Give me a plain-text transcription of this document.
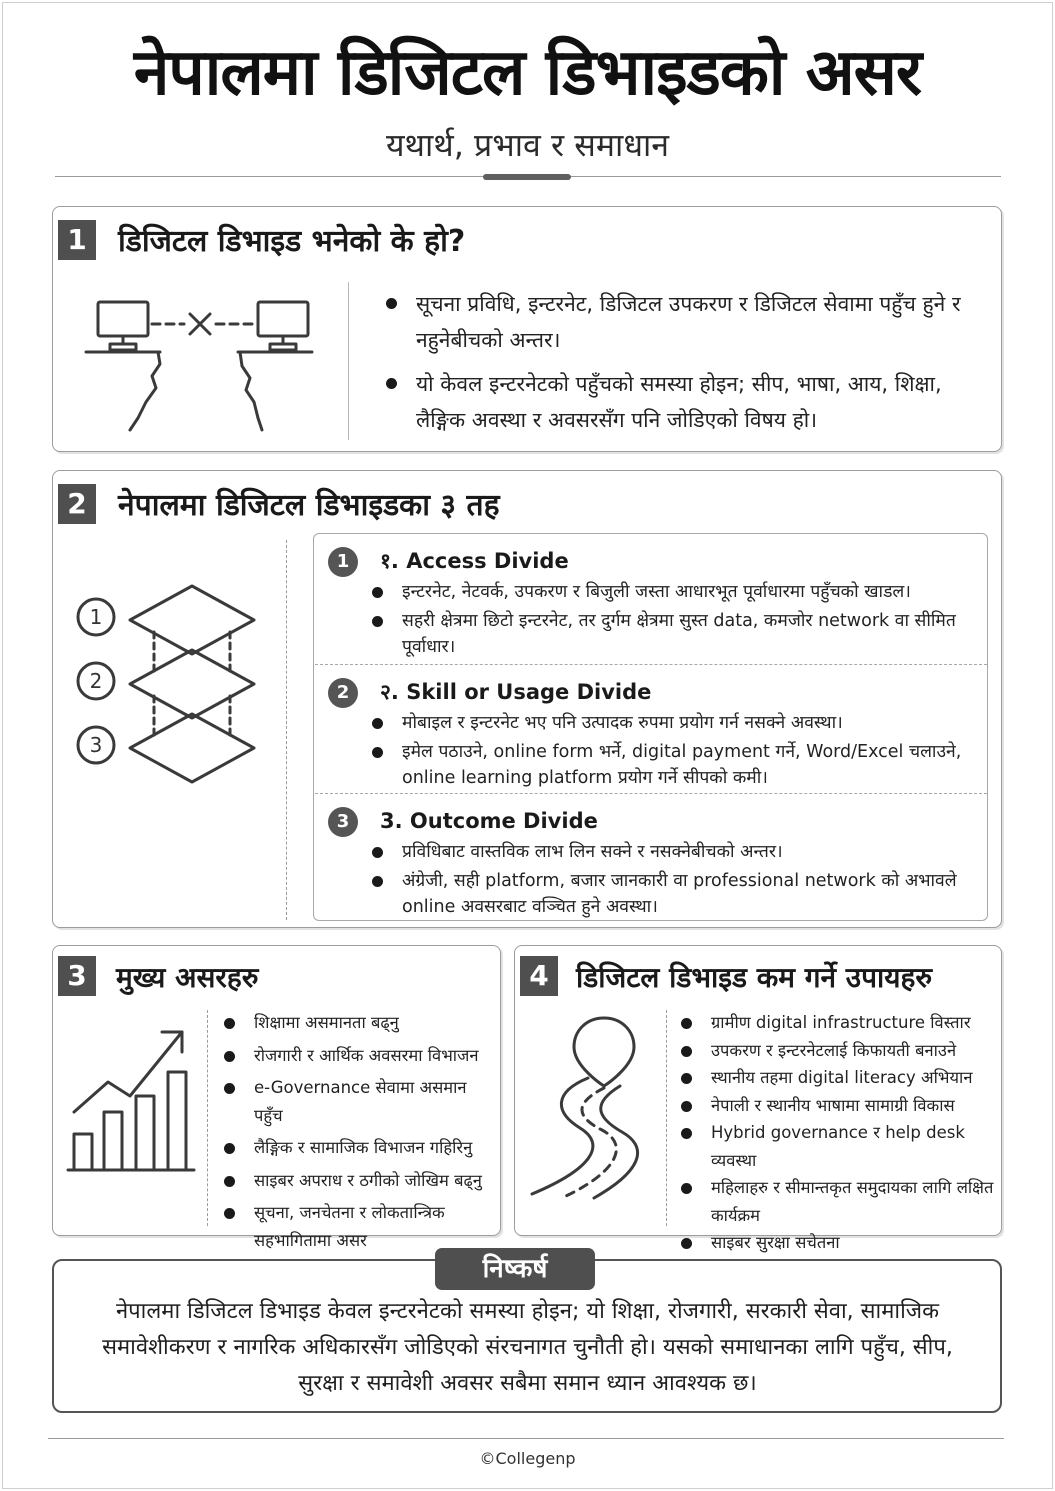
नेपालमा डिजिटल डिभाइडको असर
यथार्थ, प्रभाव र समाधान
1	डिजिटल डिभाइड भनेको के हो?
सूचना प्रविधि, इन्टरनेट, डिजिटल उपकरण र डिजिटल सेवामा पहुँच हुने र नहुनेबीचको अन्तर।
यो केवल इन्टरनेटको पहुँचको समस्या होइन; सीप, भाषा, आय, शिक्षा, लैङ्गिक अवस्था र अवसरसँग पनि जोडिएको विषय हो।
2	नेपालमा डिजिटल डिभाइडका ३ तह
1
2
3
1	१. Access Divide
इन्टरनेट, नेटवर्क, उपकरण र बिजुली जस्ता आधारभूत पूर्वाधारमा पहुँचको खाडल।
सहरी क्षेत्रमा छिटो इन्टरनेट, तर दुर्गम क्षेत्रमा सुस्त data, कमजोर network वा सीमित पूर्वाधार।
2	२. Skill or Usage Divide
मोबाइल र इन्टरनेट भए पनि उत्पादक रुपमा प्रयोग गर्न नसक्ने अवस्था।
इमेल पठाउने, online form भर्ने, digital payment गर्ने, Word/Excel चलाउने, online learning platform प्रयोग गर्ने सीपको कमी।
3	3. Outcome Divide
प्रविधिबाट वास्तविक लाभ लिन सक्ने र नसक्नेबीचको अन्तर।
अंग्रेजी, सही platform, बजार जानकारी वा professional network को अभावले online अवसरबाट वञ्चित हुने अवस्था।
3	मुख्य असरहरु
शिक्षामा असमानता बढ्नु
रोजगारी र आर्थिक अवसरमा विभाजन
e-Governance सेवामा असमान पहुँच
लैङ्गिक र सामाजिक विभाजन गहिरिनु
साइबर अपराध र ठगीको जोखिम बढ्नु
सूचना, जनचेतना र लोकतान्त्रिक सहभागितामा असर
4 डिजिटल डिभाइड कम गर्ने उपायहरु
ग्रामीण digital infrastructure विस्तार
उपकरण र इन्टरनेटलाई किफायती बनाउने
स्थानीय तहमा digital literacy अभियान
नेपाली र स्थानीय भाषामा सामाग्री विकास
Hybrid governance र help desk व्यवस्था
महिलाहरु र सीमान्तकृत समुदायका लागि लक्षित कार्यक्रम
साइबर सुरक्षा सचेतना
निष्कर्ष

नेपालमा डिजिटल डिभाइड केवल इन्टरनेटको समस्या होइन; यो शिक्षा, रोजगारी, सरकारी सेवा, सामाजिक समावेशीकरण र नागरिक अधिकारसँग जोडिएको संरचनागत चुनौती हो। यसको समाधानका लागि पहुँच, सीप, सुरक्षा र समावेशी अवसर सबैमा समान ध्यान आवश्यक छ।

©Collegenp
